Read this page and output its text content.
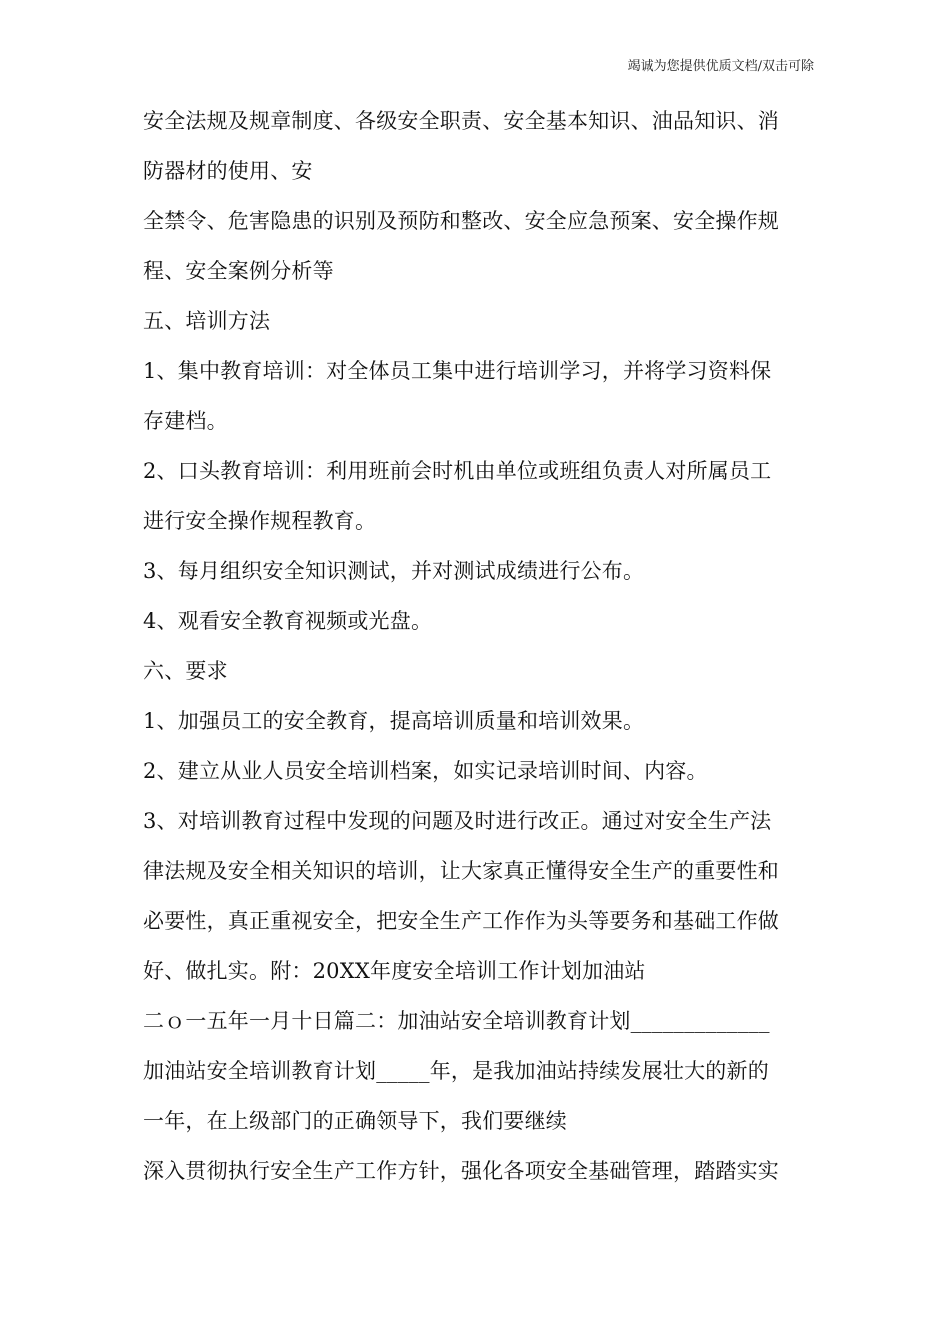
竭诚为您提供优质文档/双击可除
安全法规及规章制度、各级安全职责、安全基本知识、油品知识、消
防器材的使用、安
全禁令、危害隐患的识别及预防和整改、安全应急预案、安全操作规
程、安全案例分析等
五、培训方法
1、集中教育培训：对全体员工集中进行培训学习，并将学习资料保
存建档。
2、口头教育培训：利用班前会时机由单位或班组负责人对所属员工
进行安全操作规程教育。
3、每月组织安全知识测试，并对测试成绩进行公布。
4、观看安全教育视频或光盘。
六、要求
1、加强员工的安全教育，提高培训质量和培训效果。
2、建立从业人员安全培训档案，如实记录培训时间、内容。
3、对培训教育过程中发现的问题及时进行改正。通过对安全生产法
律法规及安全相关知识的培训，让大家真正懂得安全生产的重要性和
必要性，真正重视安全，把安全生产工作作为头等要务和基础工作做
好、做扎实。附：20XX年度安全培训工作计划加油站
二ｏ一五年一月十日篇二：加油站安全培训教育计划_____________
加油站安全培训教育计划_____年，是我加油站持续发展壮大的新的
一年，在上级部门的正确领导下，我们要继续
深入贯彻执行安全生产工作方针，强化各项安全基础管理，踏踏实实
